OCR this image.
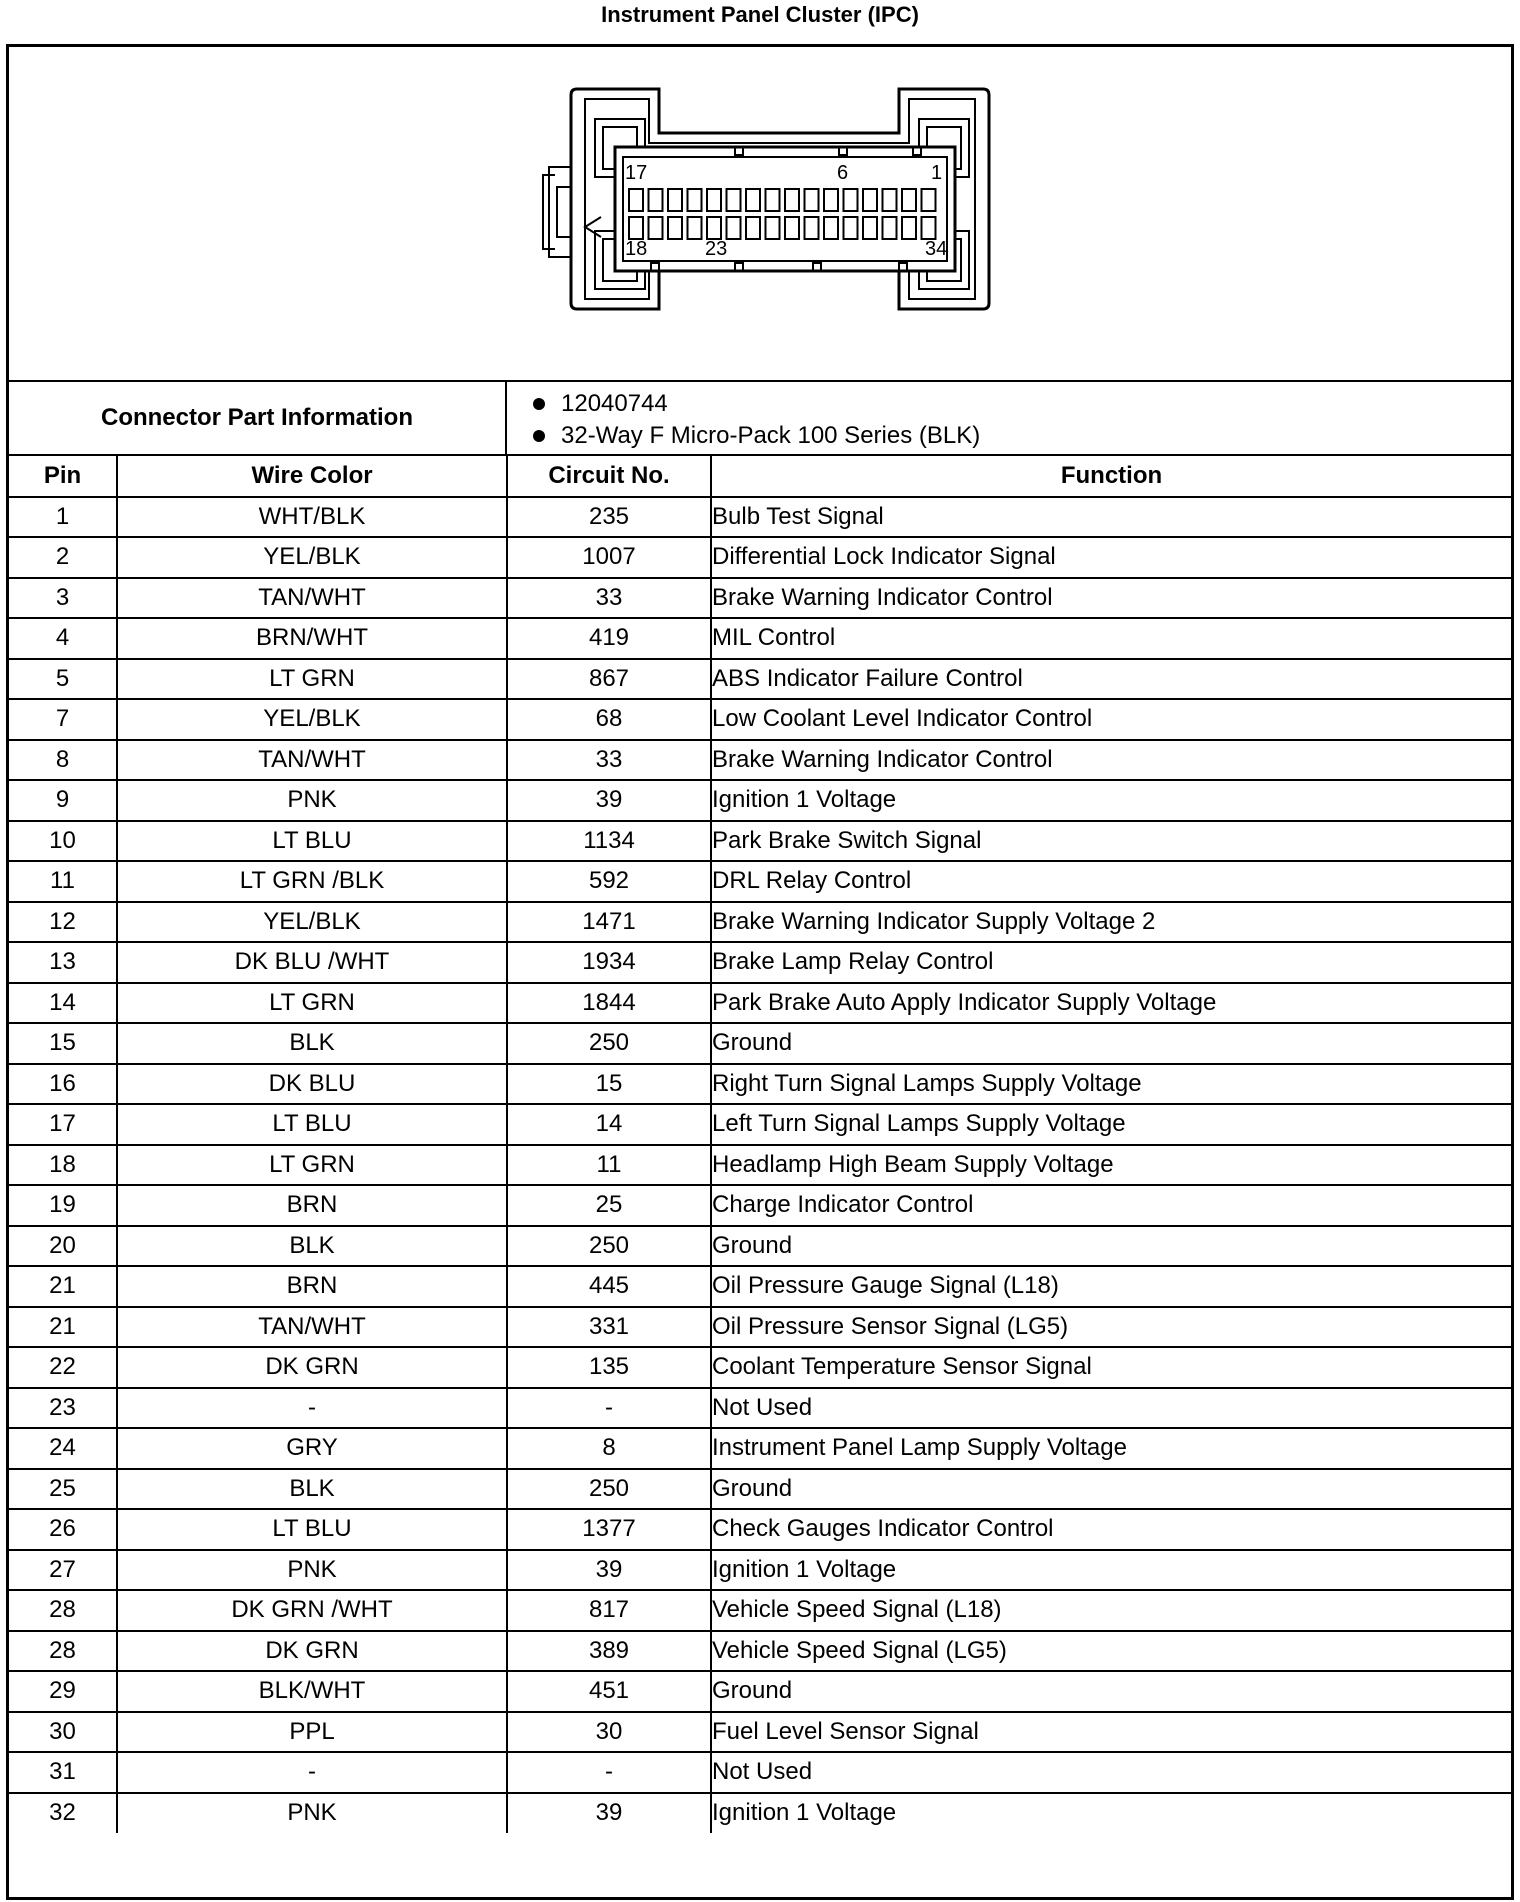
Instrument Panel Cluster (IPC)
17	6	1
18	23	34
Connector Part Information
12040744
32-Way F Micro-Pack 100 Series (BLK)
Pin	Wire Color	Circuit No.	Function
1	WHT/BLK	235	Bulb Test Signal
2	YEL/BLK	1007	Differential Lock Indicator Signal
3	TAN/WHT	33	Brake Warning Indicator Control
4	BRN/WHT	419	MIL Control
5	LT GRN	867	ABS Indicator Failure Control
7	YEL/BLK	68	Low Coolant Level Indicator Control
8	TAN/WHT	33	Brake Warning Indicator Control
9	PNK	39	Ignition 1 Voltage
10	LT BLU	1134	Park Brake Switch Signal
11	LT GRN /BLK	592	DRL Relay Control
12	YEL/BLK	1471	Brake Warning Indicator Supply Voltage 2
13	DK BLU /WHT	1934	Brake Lamp Relay Control
14	LT GRN	1844	Park Brake Auto Apply Indicator Supply Voltage
15	BLK	250	Ground
16	DK BLU	15	Right Turn Signal Lamps Supply Voltage
17	LT BLU	14	Left Turn Signal Lamps Supply Voltage
18	LT GRN	11	Headlamp High Beam Supply Voltage
19	BRN	25	Charge Indicator Control
20	BLK	250	Ground
21	BRN	445	Oil Pressure Gauge Signal (L18)
21	TAN/WHT	331	Oil Pressure Sensor Signal (LG5)
22	DK GRN	135	Coolant Temperature Sensor Signal
23	-	-	Not Used
24	GRY	8	Instrument Panel Lamp Supply Voltage
25	BLK	250	Ground
26	LT BLU	1377	Check Gauges Indicator Control
27	PNK	39	Ignition 1 Voltage
28	DK GRN /WHT	817	Vehicle Speed Signal (L18)
28	DK GRN	389	Vehicle Speed Signal (LG5)
29	BLK/WHT	451	Ground
30	PPL	30	Fuel Level Sensor Signal
31	-	-	Not Used
32	PNK	39	Ignition 1 Voltage
